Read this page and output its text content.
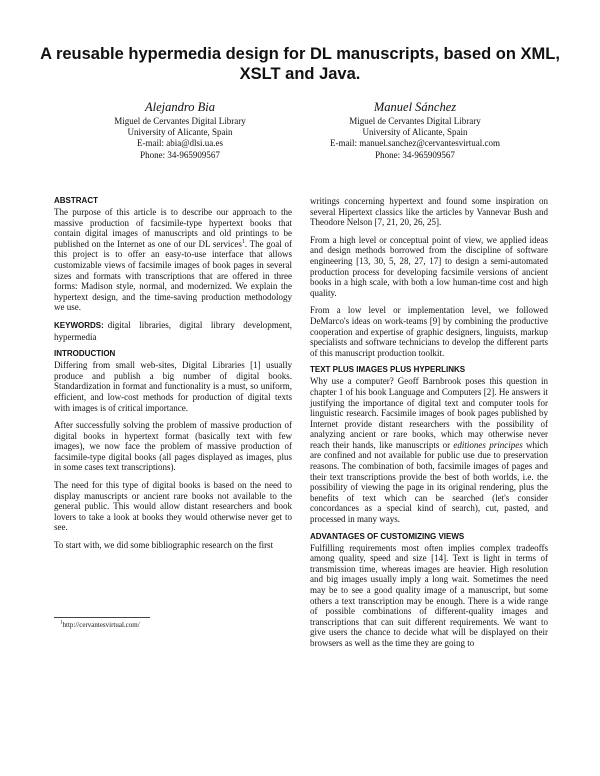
A reusable hypermedia design for DL manuscripts, based on XML, XSLT and Java.
Alejandro Bia
Miguel de Cervantes Digital Library
University of Alicante, Spain
E-mail: abia@dlsi.ua.es
Phone: 34-965909567
Manuel Sánchez
Miguel de Cervantes Digital Library
University of Alicante, Spain
E-mail: manuel.sanchez@cervantesvirtual.com
Phone: 34-965909567
ABSTRACT

The purpose of this article is to describe our approach to the massive production of facsimile-type hypertext books that contain digital images of manuscripts and old printings to be published on the Internet as one of our DL services$^1$. The goal of this project is to offer an easy-to-use interface that allows customizable views of facsimile images of book pages in several sizes and formats with transcriptions that are offered in three forms: Madison style, normal, and modernized. We explain the hypertext design, and the time-saving production methodology we use.

KEYWORDS: digital libraries, digital library development, hypermedia

INTRODUCTION

Differing from small web-sites, Digital Libraries [1] usually produce and publish a big number of digital books. Standardization in format and functionality is a must, so uniform, efficient, and low-cost methods for production of digital texts with images is of critical importance.

After successfully solving the problem of massive production of digital books in hypertext format (basically text with few images), we now face the problem of massive production of facsimile-type digital books (all pages displayed as images, plus in some cases text transcriptions).

The need for this type of digital books is based on the need to display manuscripts or ancient rare books not available to the general public. This would allow distant researchers and book lovers to take a look at books they would otherwise never get to see.

To start with, we did some bibliographic research on the first

$^1$http://cervantesvirtual.com/

writings concerning hypertext and found some inspiration on several Hipertext classics like the articles by Vannevar Bush and Theodore Nelson [7, 21, 20, 26, 25].

From a high level or conceptual point of view, we applied ideas and design methods borrowed from the discipline of software engineering [13, 30, 5, 28, 27, 17] to design a semi-automated production process for developing facsimile versions of ancient books in a high scale, with both a low human-time cost and high quality.

From a low level or implementation level, we followed DeMarco's ideas on work-teams [9] by combining the productive cooperation and expertise of graphic designers, linguists, markup specialists and software technicians to develop the different parts of this manuscript production toolkit.

TEXT PLUS IMAGES PLUS HYPERLINKS

Why use a computer? Geoff Barnbrook poses this question in chapter 1 of his book Language and Computers [2]. He answers it justifying the importance of digital text and computer tools for linguistic research. Facsimile images of book pages published by Internet provide distant researchers with the possibility of analyzing ancient or rare books, which may otherwise never reach their hands, like manuscripts or editiones principes which are confined and not available for public use due to preservation reasons. The combination of both, facsimile images of pages and their text transcriptions provide the best of both worlds, i.e. the possibility of viewing the page in its original rendering, plus the benefits of text which can be searched (let's consider concordances as a special kind of search), cut, pasted, and processed in many ways.

ADVANTAGES OF CUSTOMIZING VIEWS

Fulfilling requirements most often implies complex tradeoffs among quality, speed and size [14]. Text is light in terms of transmission time, whereas images are heavier. High resolution and big images usually imply a long wait. Sometimes the need may be to see a good quality image of a manuscript, but some others a text transcription may be enough. There is a wide range of possible combinations of different-quality images and transcriptions that can suit different requirements. We want to give users the chance to decide what will be displayed on their browsers as well as the time they are going to
